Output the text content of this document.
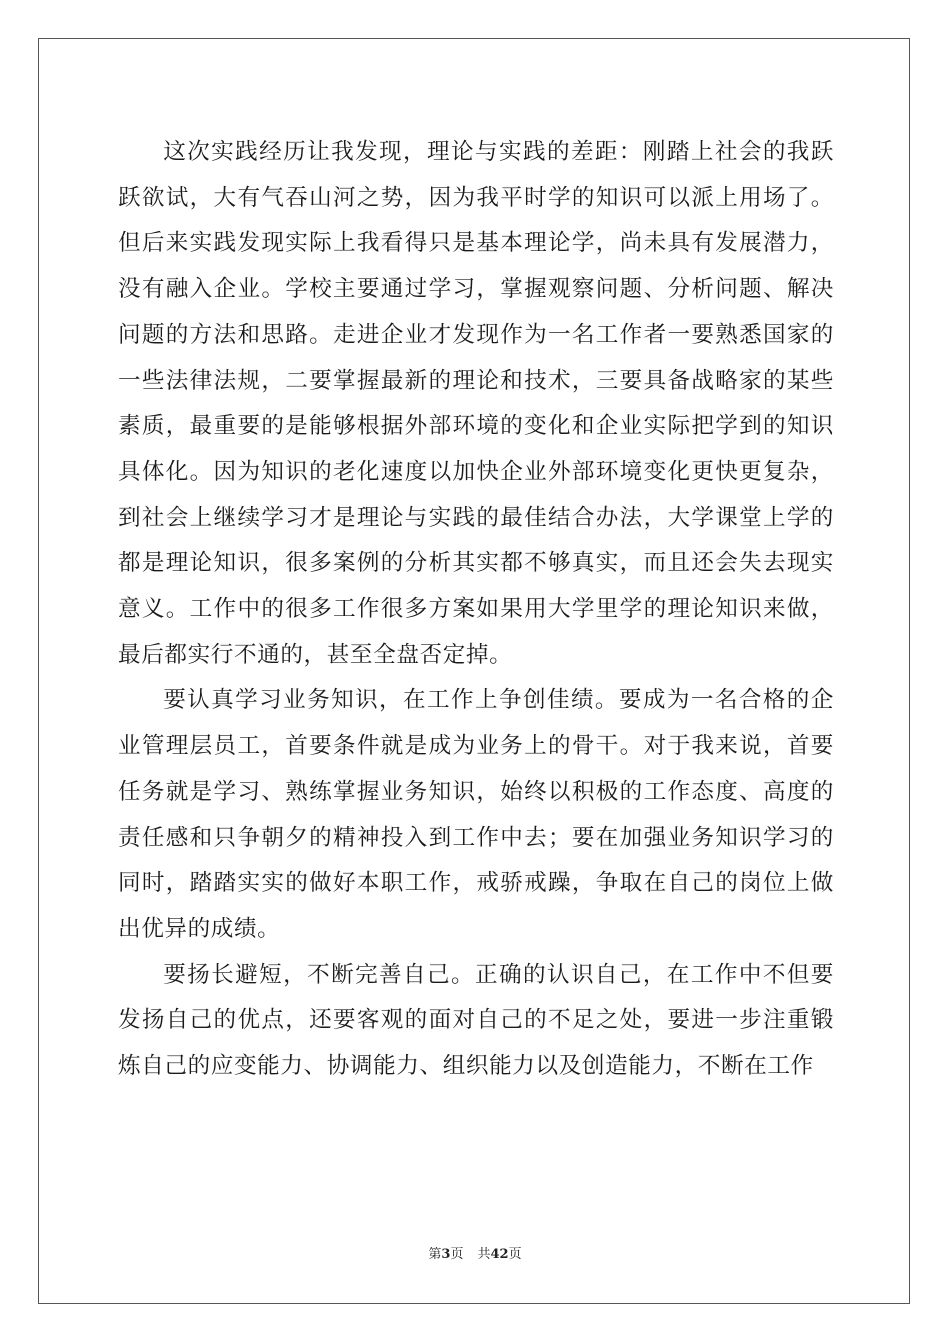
这次实践经历让我发现，理论与实践的差距：刚踏上社会的我跃跃欲试，大有气吞山河之势，因为我平时学的知识可以派上用场了。但后来实践发现实际上我看得只是基本理论学，尚未具有发展潜力，没有融入企业。学校主要通过学习，掌握观察问题、分析问题、解决问题的方法和思路。走进企业才发现作为一名工作者一要熟悉国家的一些法律法规，二要掌握最新的理论和技术，三要具备战略家的某些素质，最重要的是能够根据外部环境的变化和企业实际把学到的知识具体化。因为知识的老化速度以加快企业外部环境变化更快更复杂，到社会上继续学习才是理论与实践的最佳结合办法，大学课堂上学的都是理论知识，很多案例的分析其实都不够真实，而且还会失去现实意义。工作中的很多工作很多方案如果用大学里学的理论知识来做，最后都实行不通的，甚至全盘否定掉。

要认真学习业务知识，在工作上争创佳绩。要成为一名合格的企业管理层员工，首要条件就是成为业务上的骨干。对于我来说，首要任务就是学习、熟练掌握业务知识，始终以积极的工作态度、高度的责任感和只争朝夕的精神投入到工作中去；要在加强业务知识学习的同时，踏踏实实的做好本职工作，戒骄戒躁，争取在自己的岗位上做出优异的成绩。

要扬长避短，不断完善自己。正确的认识自己，在工作中不但要发扬自己的优点，还要客观的面对自己的不足之处，要进一步注重锻炼自己的应变能力、协调能力、组织能力以及创造能力，不断在工作

第3页 共42页
